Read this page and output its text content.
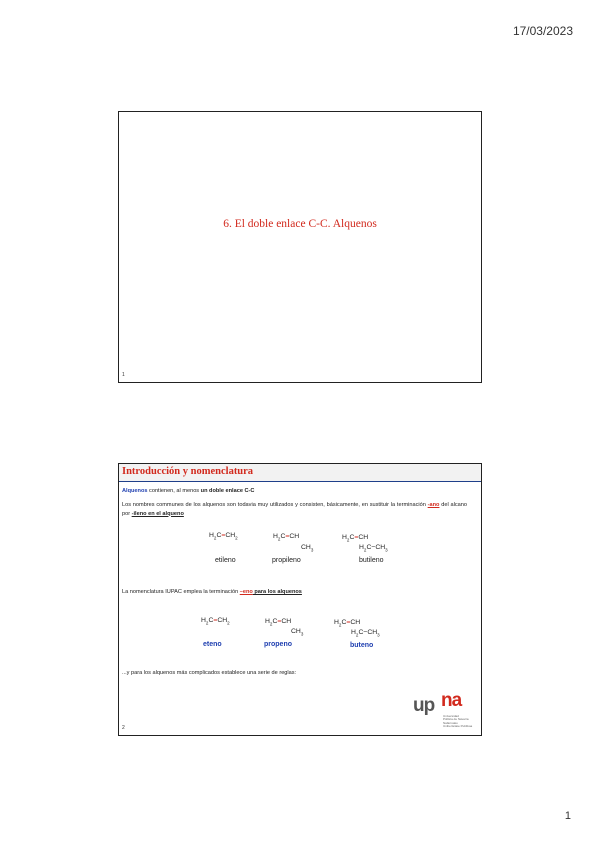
17/03/2023
6. El doble enlace C-C. Alquenos
1
Introducción y nomenclatura
Alquenos contienen, al menos un doble enlace C-C
Los nombres communes de los alquenos son todavia muy utilizados y consisten, básicamente, en sustituir la terminación -ano del alcano por -ileno en el alqueno
$H_2C=CH_2$
etileno
$H_2C=CH$
$CH_3$
propileno
$H_2C=CH$
$H_2C-CH_3$
butileno
La nomenclatura IUPAC emplea la terminación –eno para los alquenos
$H_2C=CH_2$
eteno
$H_2C=CH$
$CH_3$
propeno
$H_2C=CH$
$H_2C-CH_3$
buteno
...y para los alquenos más complicados establece una serie de reglas:
up na
Universidad
Pública de Navarra
Nafarroako
Unibertsitate Publikoa
2
1
